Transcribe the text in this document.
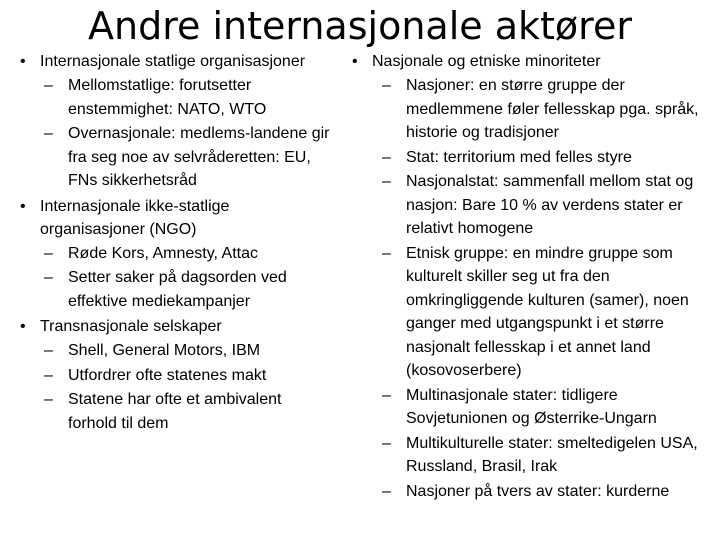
Andre internasjonale aktører
• Internasjonale statlige organisasjoner
– Mellomstatlige: forutsetter enstemmighet: NATO, WTO
– Overnasjonale: medlems-landene gir fra seg noe av selvråderetten: EU, FNs sikkerhetsråd
• Internasjonale ikke-statlige organisasjoner (NGO)
– Røde Kors, Amnesty, Attac
– Setter saker på dagsorden ved effektive mediekampanjer
• Transnasjonale selskaper
– Shell, General Motors, IBM
– Utfordrer ofte statenes makt
– Statene har ofte et ambivalent forhold til dem
• Nasjonale og etniske minoriteter
– Nasjoner: en større gruppe der medlemmene føler fellesskap pga. språk, historie og tradisjoner
– Stat: territorium med felles styre
– Nasjonalstat: sammenfall mellom stat og nasjon: Bare 10 % av verdens stater er relativt homogene
– Etnisk gruppe: en mindre gruppe som kulturelt skiller seg ut fra den omkringliggende kulturen (samer), noen ganger med utgangspunkt i et større nasjonalt fellesskap i et annet land (kosovoserbere)
– Multinasjonale stater: tidligere Sovjetunionen og Østerrike-Ungarn
– Multikulturelle stater: smeltedigelen USA, Russland, Brasil, Irak
– Nasjoner på tvers av stater: kurderne
